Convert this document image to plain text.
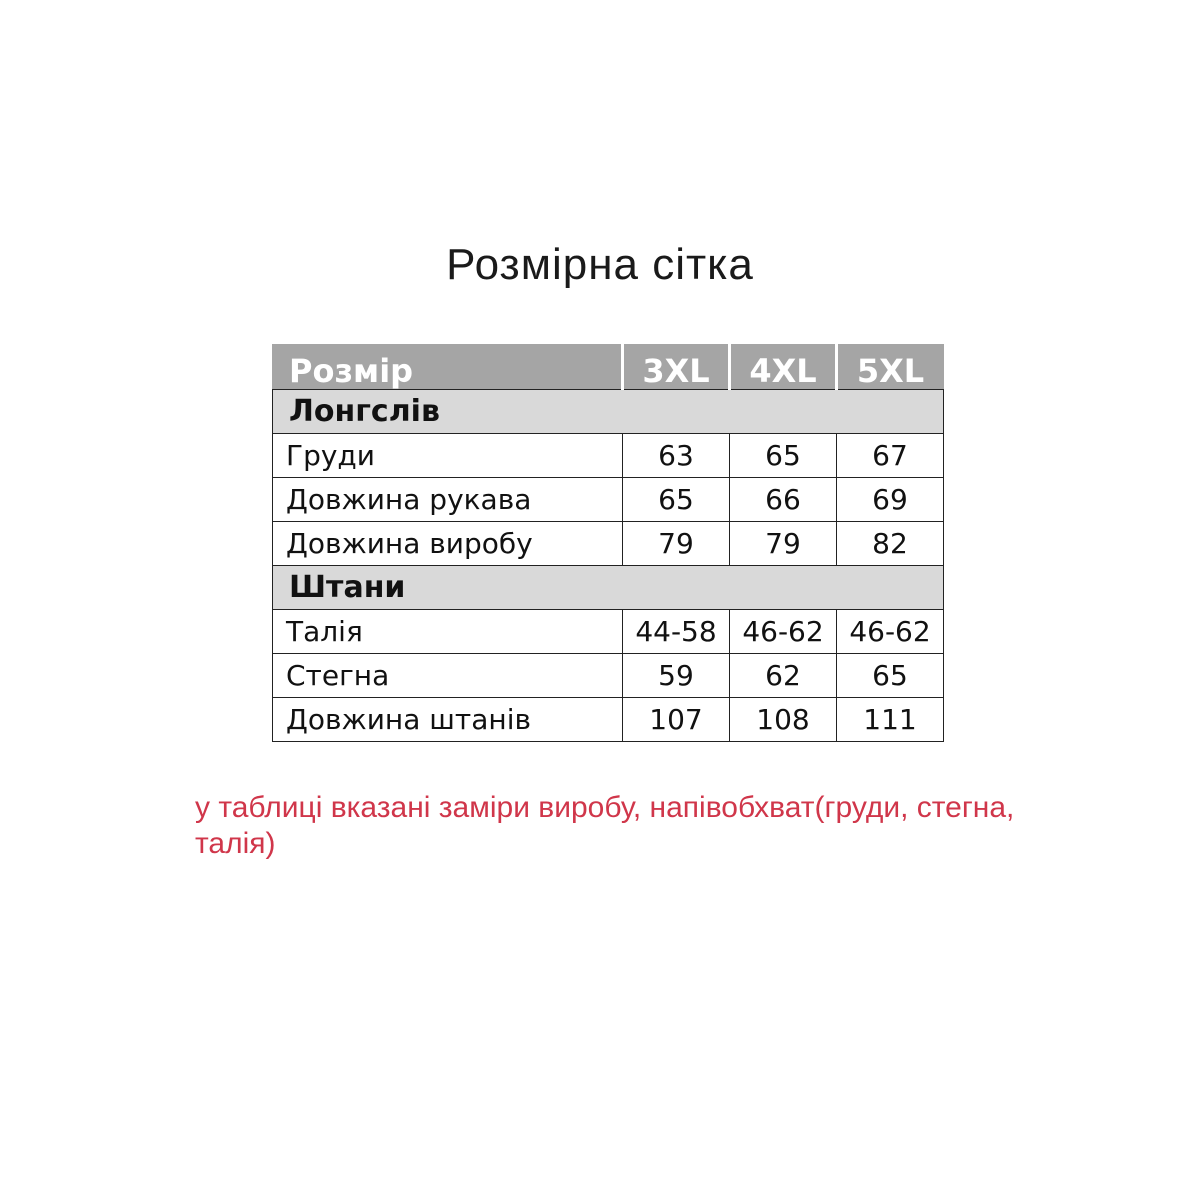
Розмірна сітка
Розмір	3XL	4XL	5XL
Лонгслів			
Груди	63	65	67
Довжина рукава	65	66	69
Довжина виробу	79	79	82
Штани			
Талія	44-58	46-62	46-62
Стегна	59	62	65
Довжина штанів	107	108	111
у таблиці вказані заміри виробу, напівобхват(груди, стегна, талія)
